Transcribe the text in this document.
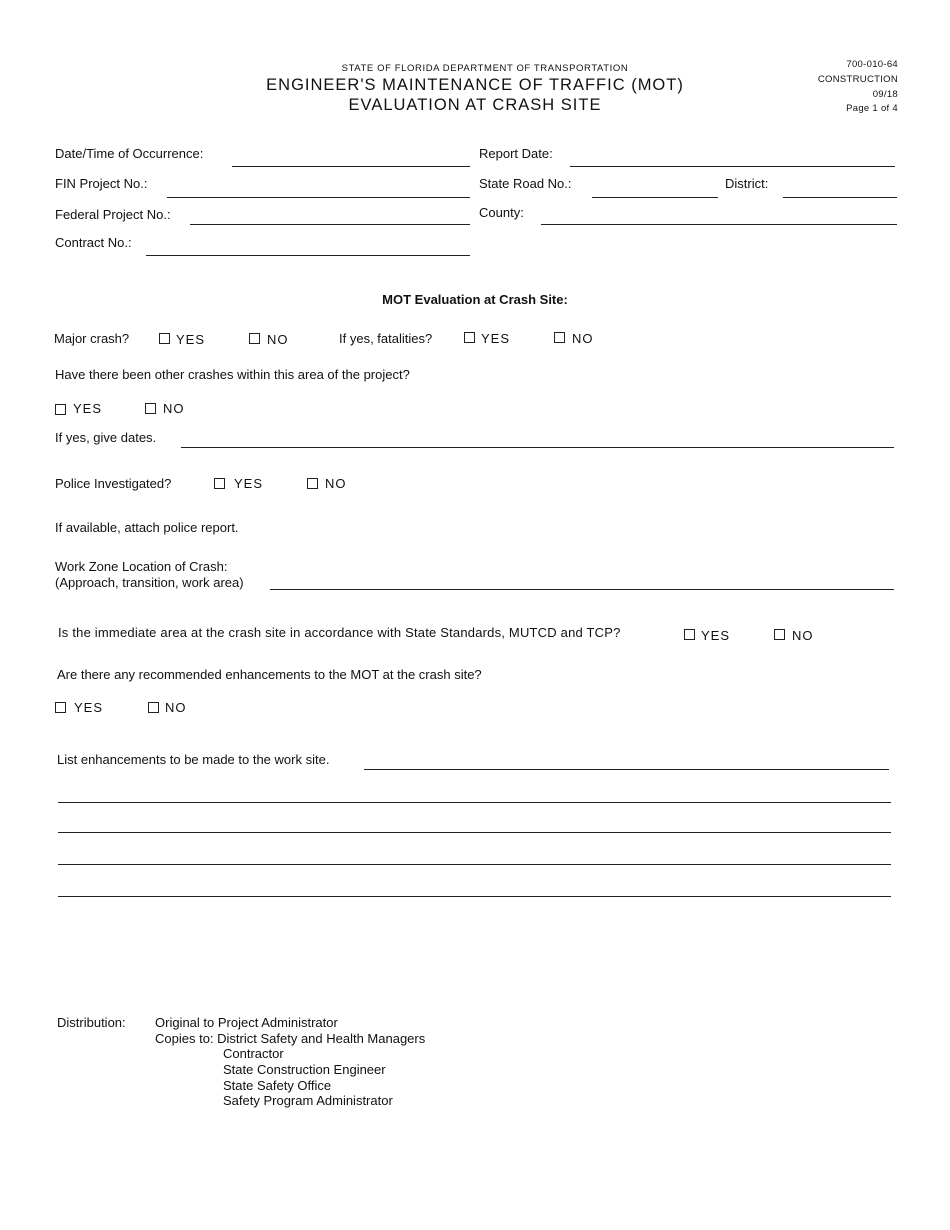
STATE OF FLORIDA DEPARTMENT OF TRANSPORTATION
ENGINEER'S MAINTENANCE OF TRAFFIC (MOT)
EVALUATION AT CRASH SITE
700-010-64
CONSTRUCTION
09/18
Page 1 of 4
Date/Time of Occurrence:	Report Date:
FIN Project No.:	State Road No.:	District:
Federal Project No.:	County:
Contract No.:
MOT Evaluation at Crash Site:
Major crash?	YES	NO	If yes, fatalities?	YES	NO
Have there been other crashes within this area of the project?
YES	NO
If yes, give dates.
Police Investigated?	YES	NO
If available, attach police report.
Work Zone Location of Crash:
(Approach, transition, work area)
Is the immediate area at the crash site in accordance with State Standards, MUTCD and TCP?	YES	NO
Are there any recommended enhancements to the MOT at the crash site?
YES	NO
List enhancements to be made to the work site.
Distribution: Original to Project Administrator
Copies to: District Safety and Health Managers
Contractor
State Construction Engineer
State Safety Office
Safety Program Administrator
